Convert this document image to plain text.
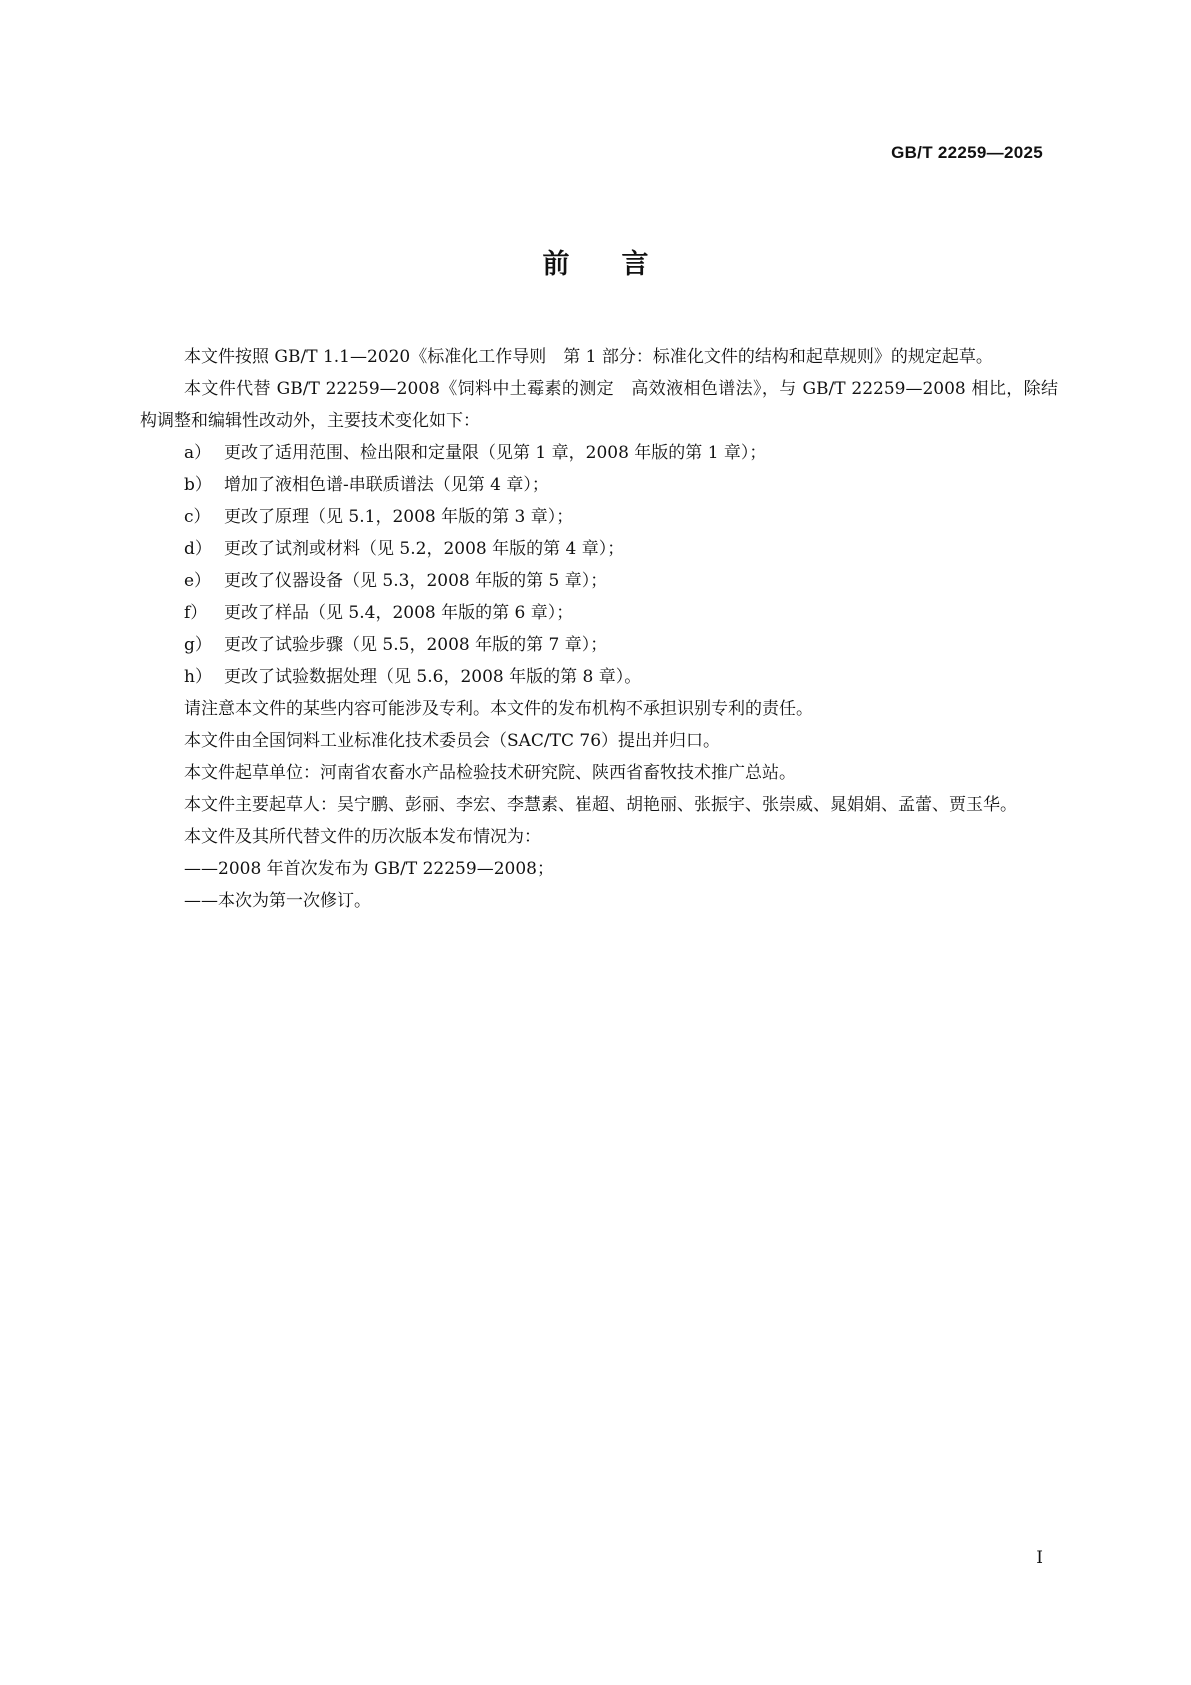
GB/T 22259—2025
前言

本文件按照 GB/T 1.1—2020《标准化工作导则　第 1 部分：标准化文件的结构和起草规则》的规定起草。

本文件代替 GB/T 22259—2008《饲料中土霉素的测定　高效液相色谱法》，与 GB/T 22259—2008 相比，除结构调整和编辑性改动外，主要技术变化如下：

a） 更改了适用范围、检出限和定量限（见第 1 章，2008 年版的第 1 章）；

b） 增加了液相色谱-串联质谱法（见第 4 章）；

c） 更改了原理（见 5.1，2008 年版的第 3 章）；

d） 更改了试剂或材料（见 5.2，2008 年版的第 4 章）；

e） 更改了仪器设备（见 5.3，2008 年版的第 5 章）；

f） 更改了样品（见 5.4，2008 年版的第 6 章）；

g） 更改了试验步骤（见 5.5，2008 年版的第 7 章）；

h） 更改了试验数据处理（见 5.6，2008 年版的第 8 章）。

请注意本文件的某些内容可能涉及专利。本文件的发布机构不承担识别专利的责任。

本文件由全国饲料工业标准化技术委员会（SAC/TC 76）提出并归口。

本文件起草单位：河南省农畜水产品检验技术研究院、陕西省畜牧技术推广总站。

本文件主要起草人：吴宁鹏、彭丽、李宏、李慧素、崔超、胡艳丽、张振宇、张崇威、晁娟娟、孟蕾、贾玉华。

本文件及其所代替文件的历次版本发布情况为：

——2008 年首次发布为 GB/T 22259—2008；

——本次为第一次修订。

I
